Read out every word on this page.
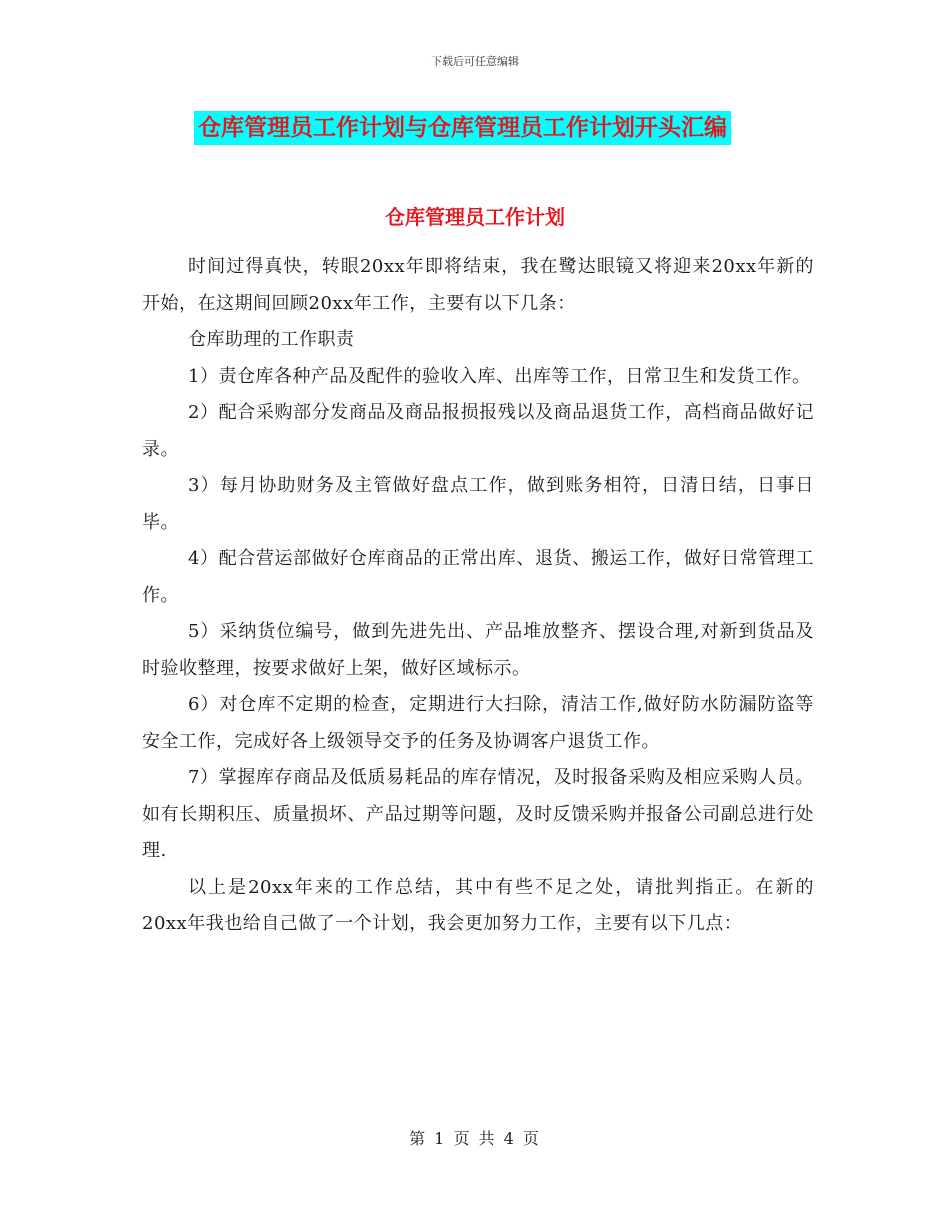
下载后可任意编辑
仓库管理员工作计划与仓库管理员工作计划开头汇编
仓库管理员工作计划

时间过得真快，转眼20xx年即将结束，我在鹭达眼镜又将迎来20xx年新的开始，在这期间回顾20xx年工作，主要有以下几条：

仓库助理的工作职责

1）责仓库各种产品及配件的验收入库、出库等工作，日常卫生和发货工作。

2）配合采购部分发商品及商品报损报残以及商品退货工作，高档商品做好记录。

3）每月协助财务及主管做好盘点工作，做到账务相符，日清日结，日事日毕。

4）配合营运部做好仓库商品的正常出库、退货、搬运工作，做好日常管理工作。

5）采纳货位编号，做到先进先出、产品堆放整齐、摆设合理,对新到货品及时验收整理，按要求做好上架，做好区域标示。

6）对仓库不定期的检查，定期进行大扫除，清洁工作,做好防水防漏防盗等安全工作，完成好各上级领导交予的任务及协调客户退货工作。

7）掌握库存商品及低质易耗品的库存情况，及时报备采购及相应采购人员。如有长期积压、质量损坏、产品过期等问题，及时反馈采购并报备公司副总进行处理.

以上是20xx年来的工作总结，其中有些不足之处，请批判指正。在新的20xx年我也给自己做了一个计划，我会更加努力工作，主要有以下几点：

第 1 页 共 4 页
